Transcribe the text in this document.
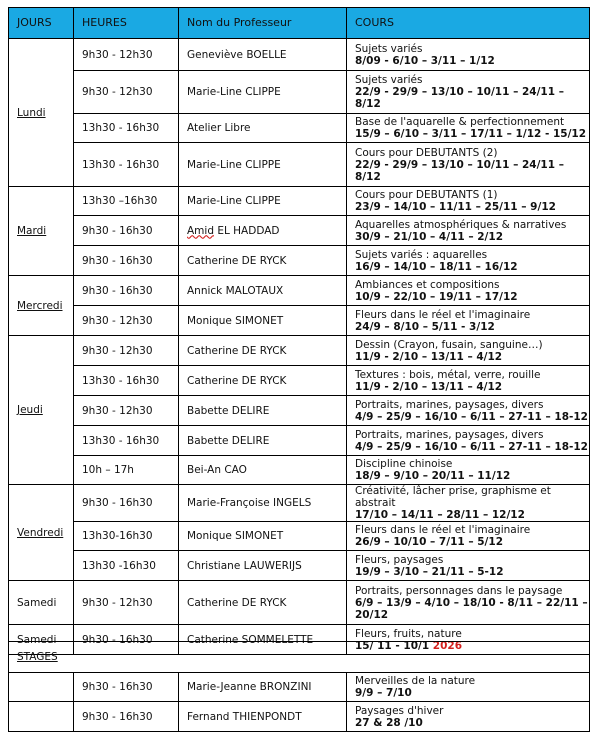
JOURS	HEURES	Nom du Professeur	COURS
Lundi	9h30 - 12h30	Geneviève BOELLE	Sujets variés
8/09 - 6/10 – 3/11 – 1/12

	9h30 - 12h30	Marie-Line CLIPPE	Sujets variés
22/9 - 29/9 – 13/10 – 10/11 – 24/11 – 8/12

	13h30 - 16h30	Atelier Libre	Base de l'aquarelle & perfectionnement
15/9 – 6/10 – 3/11 – 17/11 – 1/12 - 15/12

	13h30 - 16h30	Marie-Line CLIPPE	Cours pour DEBUTANTS (2)
22/9 - 29/9 – 13/10 – 10/11 – 24/11 – 8/12

Mardi	13h30 –16h30	Marie-Line CLIPPE	Cours pour DEBUTANTS (1)
23/9 – 14/10 – 11/11 – 25/11 – 9/12

	9h30 - 16h30	Amid EL HADDAD	Aquarelles atmosphériques & narratives
30/9 – 21/10 – 4/11 – 2/12

	9h30 - 16h30	Catherine DE RYCK	Sujets variés : aquarelles
16/9 – 14/10 – 18/11 – 16/12

Mercredi	9h30 - 16h30	Annick MALOTAUX	Ambiances et compositions
10/9 – 22/10 – 19/11 – 17/12

	9h30 - 12h30	Monique SIMONET	Fleurs dans le réel et l'imaginaire
24/9 – 8/10 – 5/11 - 3/12

Jeudi	9h30 - 12h30	Catherine DE RYCK	Dessin (Crayon, fusain, sanguine…)
11/9 - 2/10 – 13/11 – 4/12

	13h30 - 16h30	Catherine DE RYCK	Textures : bois, métal, verre, rouille
11/9 - 2/10 – 13/11 – 4/12

	9h30 - 12h30	Babette DELIRE	Portraits, marines, paysages, divers
4/9 – 25/9 – 16/10 – 6/11 – 27-11 – 18-12

	13h30 - 16h30	Babette DELIRE	Portraits, marines, paysages, divers
4/9 – 25/9 – 16/10 – 6/11 – 27-11 – 18-12

	10h – 17h	Bei-An CAO	Discipline chinoise
18/9 – 9/10 – 20/11 – 11/12

Vendredi	9h30 - 16h30	Marie-Françoise INGELS	Créativité, lâcher prise, graphisme et abstrait
17/10 – 14/11 – 28/11 – 12/12

	13h30-16h30	Monique SIMONET	Fleurs dans le réel et l'imaginaire
26/9 – 10/10 – 7/11 – 5/12

	13h30 -16h30	Christiane LAUWERIJS	Fleurs, paysages
19/9 – 3/10 – 21/11 – 5-12

Samedi	9h30 - 12h30	Catherine DE RYCK	Portraits, personnages dans le paysage
6/9 – 13/9 – 4/10 – 18/10 - 8/11 – 22/11 – 20/12

Samedi	9h30 - 16h30	Catherine SOMMELETTE	Fleurs, fruits, nature
15/ 11 - 10/1 2026
STAGES			
	9h30 - 16h30	Marie-Jeanne BRONZINI	Merveilles de la nature
9/9 – 7/10

	9h30 - 16h30	Fernand THIENPONDT	Paysages d'hiver
27 & 28 /10
